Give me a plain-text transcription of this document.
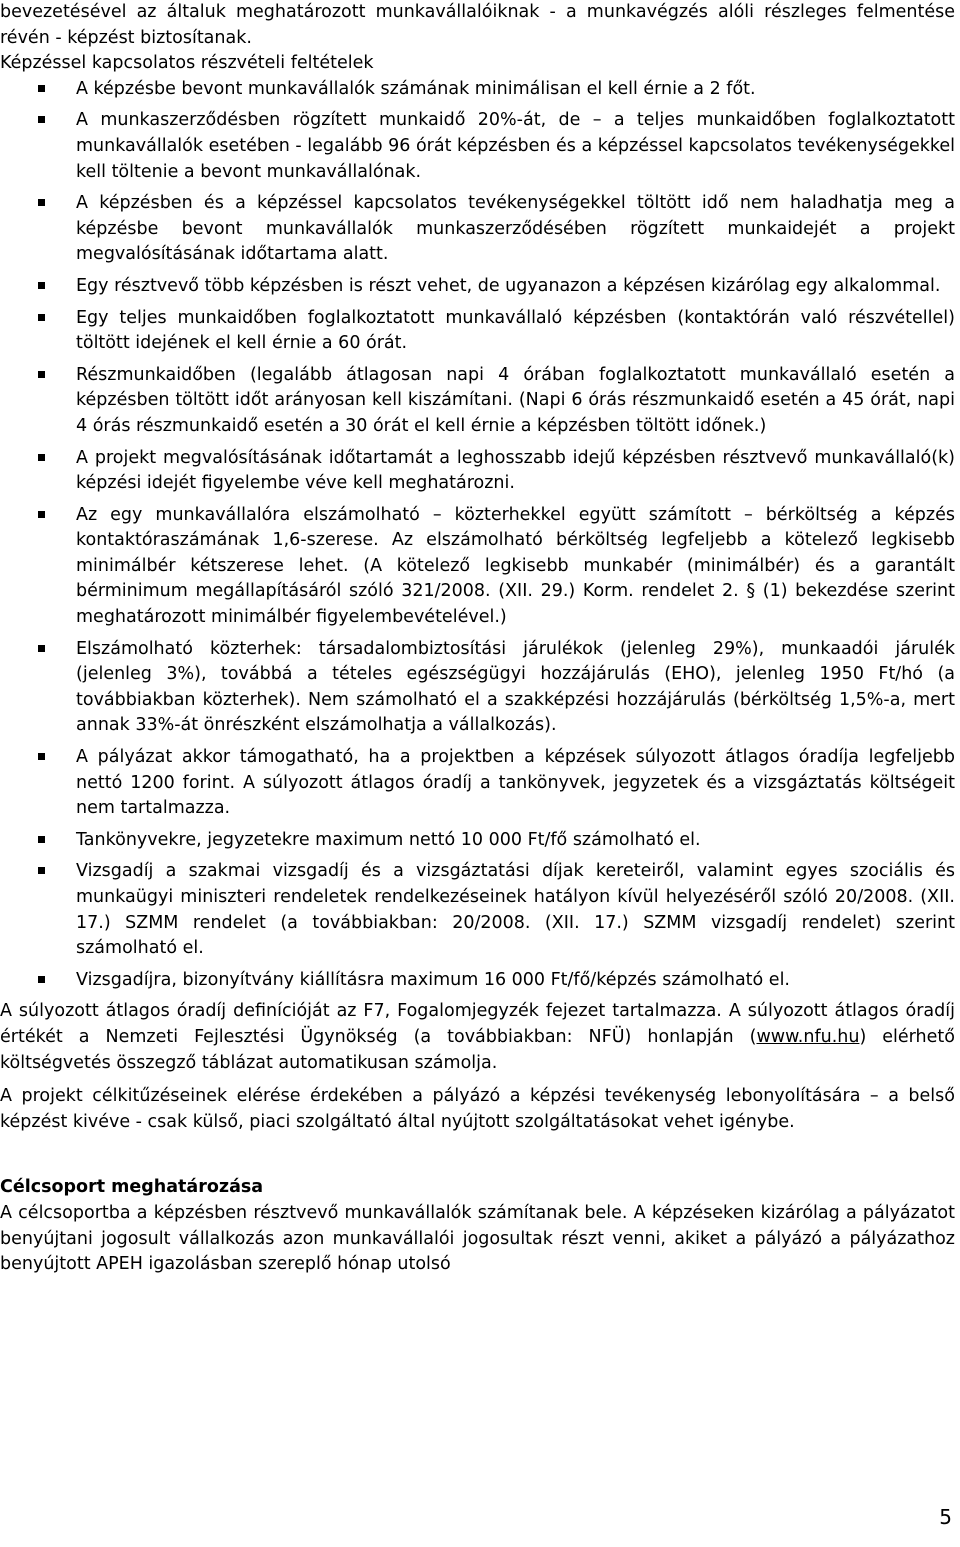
bevezetésével az általuk meghatározott munkavállalóiknak - a munkavégzés alóli részleges felmentése révén - képzést biztosítanak.

Képzéssel kapcsolatos részvételi feltételek

A képzésbe bevont munkavállalók számának minimálisan el kell érnie a 2 főt.
A munkaszerződésben rögzített munkaidő 20%-át, de – a teljes munkaidőben foglalkoztatott munkavállalók esetében - legalább 96 órát képzésben és a képzéssel kapcsolatos tevékenységekkel kell töltenie a bevont munkavállalónak.
A képzésben és a képzéssel kapcsolatos tevékenységekkel töltött idő nem haladhatja meg a képzésbe bevont munkavállalók munkaszerződésében rögzített munkaidejét a projekt megvalósításának időtartama alatt.
Egy résztvevő több képzésben is részt vehet, de ugyanazon a képzésen kizárólag egy alkalommal.
Egy teljes munkaidőben foglalkoztatott munkavállaló képzésben (kontaktórán való részvétellel) töltött idejének el kell érnie a 60 órát.
Részmunkaidőben (legalább átlagosan napi 4 órában foglalkoztatott munkavállaló esetén a képzésben töltött időt arányosan kell kiszámítani. (Napi 6 órás részmunkaidő esetén a 45 órát, napi 4 órás részmunkaidő esetén a 30 órát el kell érnie a képzésben töltött időnek.)
A projekt megvalósításának időtartamát a leghosszabb idejű képzésben résztvevő munkavállaló(k) képzési idejét figyelembe véve kell meghatározni.
Az egy munkavállalóra elszámolható – közterhekkel együtt számított – bérköltség a képzés kontaktóraszámának 1,6-szerese. Az elszámolható bérköltség legfeljebb a kötelező legkisebb minimálbér kétszerese lehet. (A kötelező legkisebb munkabér (minimálbér) és a garantált bérminimum megállapításáról szóló 321/2008. (XII. 29.) Korm. rendelet 2. § (1) bekezdése szerint meghatározott minimálbér figyelembevételével.)
Elszámolható közterhek: társadalombiztosítási járulékok (jelenleg 29%), munkaadói járulék (jelenleg 3%), továbbá a tételes egészségügyi hozzájárulás (EHO), jelenleg 1950 Ft/hó (a továbbiakban közterhek). Nem számolható el a szakképzési hozzájárulás (bérköltség 1,5%-a, mert annak 33%-át önrészként elszámolhatja a vállalkozás).
A pályázat akkor támogatható, ha a projektben a képzések súlyozott átlagos óradíja legfeljebb nettó 1200 forint. A súlyozott átlagos óradíj a tankönyvek, jegyzetek és a vizsgáztatás költségeit nem tartalmazza.
Tankönyvekre, jegyzetekre maximum nettó 10 000 Ft/fő számolható el.
Vizsgadíj a szakmai vizsgadíj és a vizsgáztatási díjak kereteiről, valamint egyes szociális és munkaügyi miniszteri rendeletek rendelkezéseinek hatályon kívül helyezéséről szóló 20/2008. (XII. 17.) SZMM rendelet (a továbbiakban: 20/2008. (XII. 17.) SZMM vizsgadíj rendelet) szerint számolható el.
Vizsgadíjra, bizonyítvány kiállításra maximum 16 000 Ft/fő/képzés számolható el.

A súlyozott átlagos óradíj definícióját az F7, Fogalomjegyzék fejezet tartalmazza. A súlyozott átlagos óradíj értékét a Nemzeti Fejlesztési Ügynökség (a továbbiakban: NFÜ) honlapján (www.nfu.hu) elérhető költségvetés összegző táblázat automatikusan számolja.

A projekt célkitűzéseinek elérése érdekében a pályázó a képzési tevékenység lebonyolítására – a belső képzést kivéve - csak külső, piaci szolgáltató által nyújtott szolgáltatásokat vehet igénybe.

Célcsoport meghatározása

A célcsoportba a képzésben résztvevő munkavállalók számítanak bele. A képzéseken kizárólag a pályázatot benyújtani jogosult vállalkozás azon munkavállalói jogosultak részt venni, akiket a pályázó a pályázathoz benyújtott APEH igazolásban szereplő hónap utolsó

5
